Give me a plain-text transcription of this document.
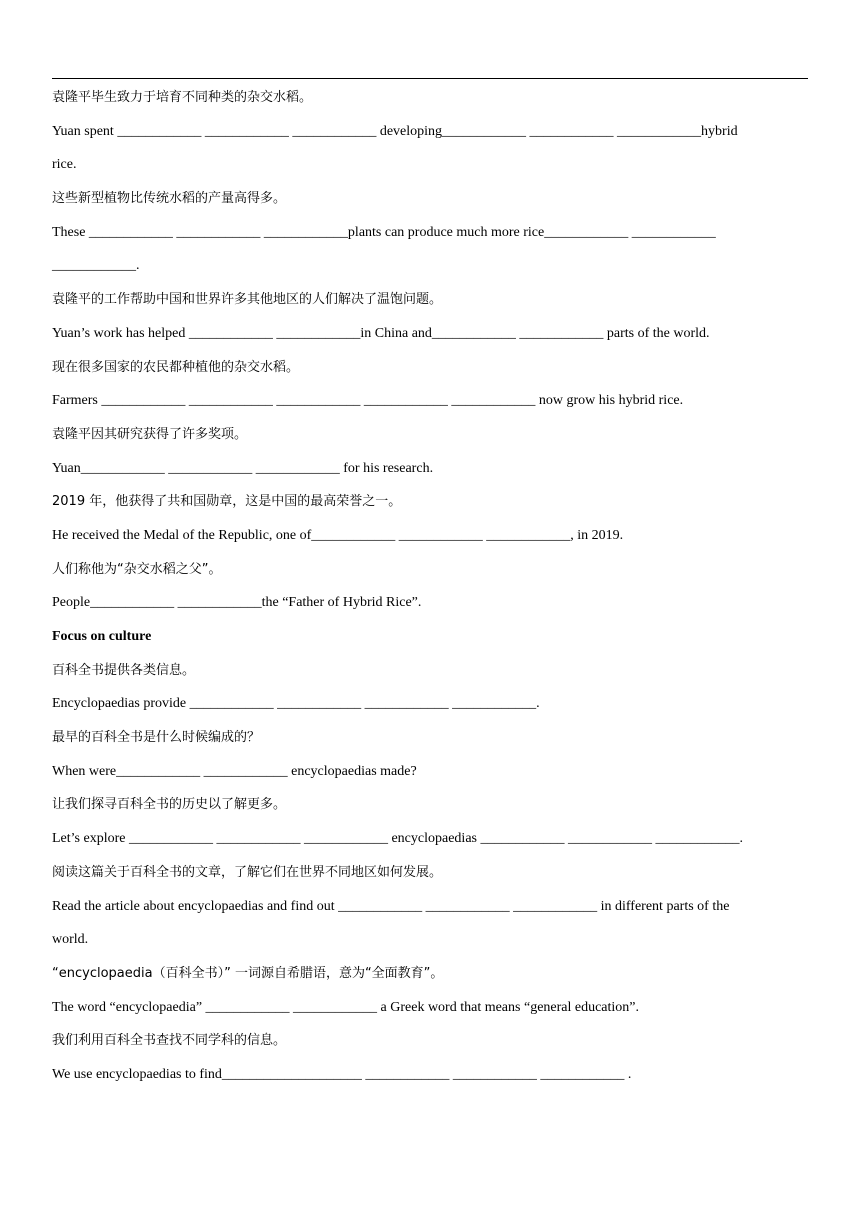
袁隆平毕生致力于培育不同种类的杂交水稻。
Yuan spent ____________ ____________ ____________ developing____________ ____________ ____________hybrid
rice.
这些新型植物比传统水稻的产量高得多。
These ____________ ____________ ____________plants can produce much more rice____________ ____________
____________.
袁隆平的工作帮助中国和世界许多其他地区的人们解决了温饱问题。
Yuan’s work has helped ____________ ____________in China and____________ ____________ parts of the world.
现在很多国家的农民都种植他的杂交水稻。
Farmers ____________ ____________ ____________ ____________ ____________ now grow his hybrid rice.
袁隆平因其研究获得了许多奖项。
Yuan____________ ____________ ____________ for his research.
2019 年，他获得了共和国勋章，这是中国的最高荣誉之一。
He received the Medal of the Republic, one of____________ ____________ ____________, in 2019.
人们称他为“杂交水稻之父”。
People____________ ____________the “Father of Hybrid Rice”.
Focus on culture
百科全书提供各类信息。
Encyclopaedias provide ____________ ____________ ____________ ____________.
最早的百科全书是什么时候编成的？
When were____________ ____________ encyclopaedias made?
让我们探寻百科全书的历史以了解更多。
Let’s explore ____________ ____________ ____________ encyclopaedias ____________ ____________ ____________.
阅读这篇关于百科全书的文章，了解它们在世界不同地区如何发展。
Read the article about encyclopaedias and find out ____________ ____________ ____________ in different parts of the
world.
“encyclopaedia（百科全书）” 一词源自希腊语，意为“全面教育”。
The word “encyclopaedia” ____________ ____________ a Greek word that means “general education”.
我们利用百科全书查找不同学科的信息。
We use encyclopaedias to find____________________ ____________ ____________ ____________ .
